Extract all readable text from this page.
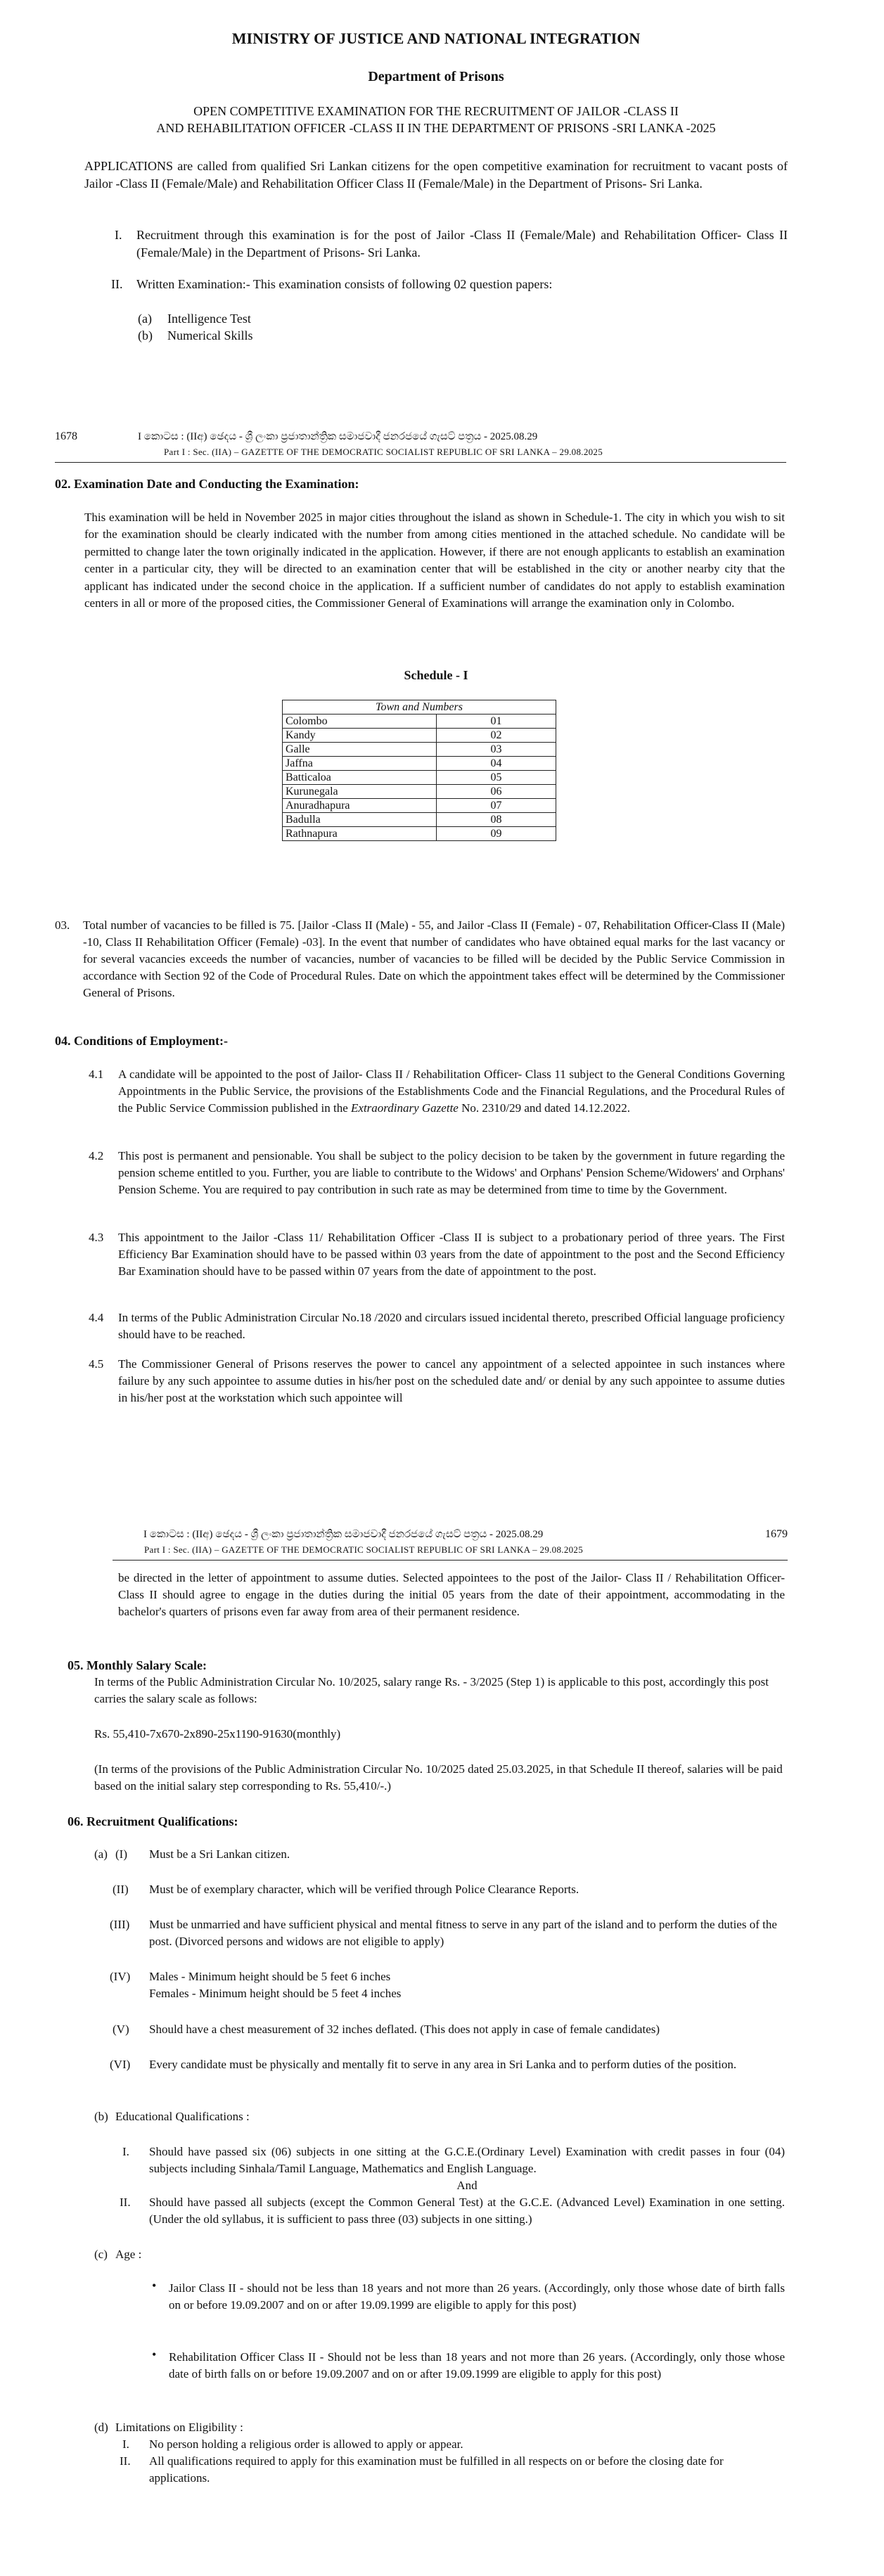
MINISTRY OF JUSTICE AND NATIONAL INTEGRATION
Department of Prisons
OPEN COMPETITIVE EXAMINATION FOR THE RECRUITMENT OF JAILOR -CLASS II
AND REHABILITATION OFFICER -CLASS II IN THE DEPARTMENT OF PRISONS -SRI LANKA -2025

APPLICATIONS are called from qualified Sri Lankan citizens for the open competitive examination for recruitment to vacant posts of Jailor -Class II (Female/Male) and Rehabilitation Officer Class II (Female/Male) in the Department of Prisons- Sri Lanka.

I. Recruitment through this examination is for the post of Jailor -Class II (Female/Male) and Rehabilitation Officer- Class II (Female/Male) in the Department of Prisons- Sri Lanka.

II. Written Examination:- This examination consists of following 02 question papers:

(a) Intelligence Test
(b) Numerical Skills
1678	I කොටස : (IIඅ) ඡෙදය - ශ්‍රී ලංකා ප්‍රජාතාන්ත්‍රික සමාජවාදී ජනරජයේ ගැසට් පත්‍රය - 2025.08.29
Part I : Sec. (IIA) – GAZETTE OF THE DEMOCRATIC SOCIALIST REPUBLIC OF SRI LANKA – 29.08.2025
02. Examination Date and Conducting the Examination:

This examination will be held in November 2025 in major cities throughout the island as shown in Schedule-1. The city in which you wish to sit for the examination should be clearly indicated with the number from among cities mentioned in the attached schedule. No candidate will be permitted to change later the town originally indicated in the application. However, if there are not enough applicants to establish an examination center in a particular city, they will be directed to an examination center that will be established in the city or another nearby city that the applicant has indicated under the second choice in the application. If a sufficient number of candidates do not apply to establish examination centers in all or more of the proposed cities, the Commissioner General of Examinations will arrange the examination only in Colombo.

Schedule - I
Town and Numbers	
Colombo	01
Kandy	02
Galle	03
Jaffna	04
Batticaloa	05
Kurunegala	06
Anuradhapura	07
Badulla	08
Rathnapura	09
03. Total number of vacancies to be filled is 75. [Jailor -Class II (Male) - 55, and Jailor -Class II (Female) - 07, Rehabilitation Officer-Class II (Male) -10, Class II Rehabilitation Officer (Female) -03]. In the event that number of candidates who have obtained equal marks for the last vacancy or for several vacancies exceeds the number of vacancies, number of vacancies to be filled will be decided by the Public Service Commission in accordance with Section 92 of the Code of Procedural Rules. Date on which the appointment takes effect will be determined by the Commissioner General of Prisons.

04. Conditions of Employment:-
4.1 A candidate will be appointed to the post of Jailor- Class II / Rehabilitation Officer- Class 11 subject to the General Conditions Governing Appointments in the Public Service, the provisions of the Establishments Code and the Financial Regulations, and the Procedural Rules of the Public Service Commission published in the Extraordinary Gazette No. 2310/29 and dated 14.12.2022.

4.2 This post is permanent and pensionable. You shall be subject to the policy decision to be taken by the government in future regarding the pension scheme entitled to you. Further, you are liable to contribute to the Widows' and Orphans' Pension Scheme/Widowers' and Orphans' Pension Scheme. You are required to pay contribution in such rate as may be determined from time to time by the Government.

4.3 This appointment to the Jailor -Class 11/ Rehabilitation Officer -Class II is subject to a probationary period of three years. The First Efficiency Bar Examination should have to be passed within 03 years from the date of appointment to the post and the Second Efficiency Bar Examination should have to be passed within 07 years from the date of appointment to the post.

4.4 In terms of the Public Administration Circular No.18 /2020 and circulars issued incidental thereto, prescribed Official language proficiency should have to be reached.

4.5 The Commissioner General of Prisons reserves the power to cancel any appointment of a selected appointee in such instances where failure by any such appointee to assume duties in his/her post on the scheduled date and/ or denial by any such appointee to assume duties in his/her post at the workstation which such appointee will

I කොටස : (IIඅ) ඡෙදය - ශ්‍රී ලංකා ප්‍රජාතාන්ත්‍රික සමාජවාදී ජනරජයේ ගැසට් පත්‍රය - 2025.08.29	1679
Part I : Sec. (IIA) – GAZETTE OF THE DEMOCRATIC SOCIALIST REPUBLIC OF SRI LANKA – 29.08.2025

be directed in the letter of appointment to assume duties. Selected appointees to the post of the Jailor- Class II / Rehabilitation Officer-Class II should agree to engage in the duties during the initial 05 years from the date of their appointment, accommodating in the bachelor's quarters of prisons even far away from area of their permanent residence.

05. Monthly Salary Scale:

In terms of the Public Administration Circular No. 10/2025, salary range Rs. - 3/2025 (Step 1) is applicable to this post, accordingly this post carries the salary scale as follows:

Rs. 55,410-7x670-2x890-25x1190-91630(monthly)

(In terms of the provisions of the Public Administration Circular No. 10/2025 dated 25.03.2025, in that Schedule II thereof, salaries will be paid based on the initial salary step corresponding to Rs. 55,410/-.)

06. Recruitment Qualifications:
(a) (I) Must be a Sri Lankan citizen.

(II) Must be of exemplary character, which will be verified through Police Clearance Reports.

(III) Must be unmarried and have sufficient physical and mental fitness to serve in any part of the island and to perform the duties of the post. (Divorced persons and widows are not eligible to apply)

(IV) Males - Minimum height should be 5 feet 6 inches

Females - Minimum height should be 5 feet 4 inches

(V) Should have a chest measurement of 32 inches deflated. (This does not apply in case of female candidates)

(VI) Every candidate must be physically and mentally fit to serve in any area in Sri Lanka and to perform duties of the position.

(b) Educational Qualifications :
I. Should have passed six (06) subjects in one sitting at the G.C.E.(Ordinary Level) Examination with credit passes in four (04) subjects including Sinhala/Tamil Language, Mathematics and English Language.

And
II. Should have passed all subjects (except the Common General Test) at the G.C.E. (Advanced Level) Examination in one setting. (Under the old syllabus, it is sufficient to pass three (03) subjects in one sitting.)

(c) Age :
• Jailor Class II - should not be less than 18 years and not more than 26 years. (Accordingly, only those whose date of birth falls on or before 19.09.2007 and on or after 19.09.1999 are eligible to apply for this post)

• Rehabilitation Officer Class II - Should not be less than 18 years and not more than 26 years. (Accordingly, only those whose date of birth falls on or before 19.09.2007 and on or after 19.09.1999 are eligible to apply for this post)

(d) Limitations on Eligibility :
I. No person holding a religious order is allowed to apply or appear.

II. All qualifications required to apply for this examination must be fulfilled in all respects on or before the closing date for applications.
